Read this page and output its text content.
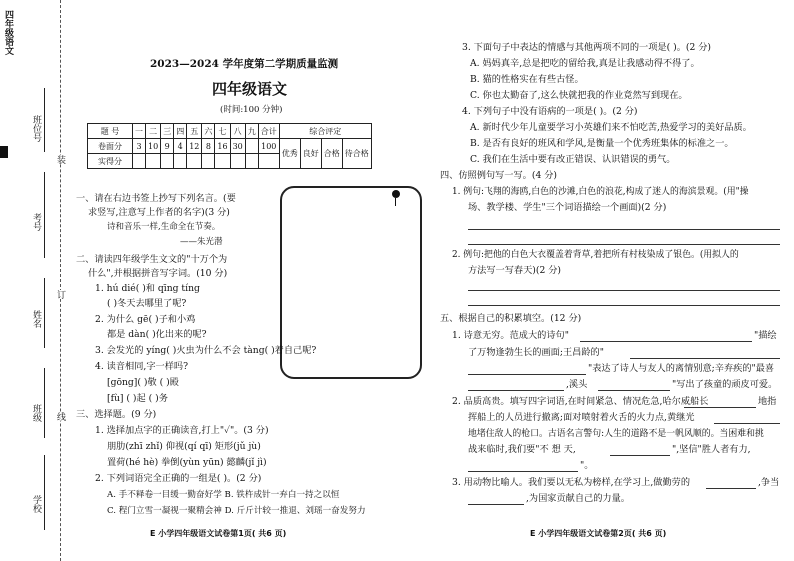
四年级语文
班位号
考号
姓名
班级
学校
装
订
线
2023—2024 学年度第二学期质量监测
四年级语文
(时间:100 分钟)
题 号	一	二	三	四	五	六	七	八	九	合计	综合评定			
卷面分	3	10	9	4	12	8	16	30		100	优秀	良好	合格	待合格
实得分														
一、请在右边书签上抄写下列名言。(要
求竖写,注意写上作者的名字)(3 分)
诗和音乐一样,生命全在节奏。
——朱光潜
二、请读四年级学生文文的"十万个为
什么",并根据拼音写字词。(10 分)
1. hú dié( )和 qīng tíng
( )冬天去哪里了呢?
2. 为什么 gē( )子和小鸡
都是 dàn( )化出来的呢?
3. 会发光的 yíng( )火虫为什么不会 tàng( )着自己呢?
4. 读音相同,字一样吗?
[gōng]( )敬 ( )殿
[fù] ( )起 ( )务
三、选择题。(9 分)
1. 选择加点字的正确读音,打上"✓"。(3 分)
朋肋(zhī zhǐ) 仰视(qí qī) 矩形(jǔ jù)
置荷(hé hè) 拳倒(yùn yūn) 懿麟(jǐ jì)
2. 下列词语完全正确的一组是( )。(2 分)
A. 手不释卷一目缓一勤奋好学 B. 铁杵成针一弃白一持之以恒
C. 程门立雪一凝视一聚精会神 D. 斤斤计较一推退、刘瑶一奋发努力
E 小学四年级语文试卷第1页( 共6 页)
3. 下面句子中表达的情感与其他两项不同的一项是( )。(2 分)
A. 妈妈真辛,总是把吃的留给我,真是让我感动得不得了。
B. 猫的性格实在有些古怪。
C. 你也太勤奋了,这么快就把我的作业竟然写到现在。
4. 下列句子中没有语病的一项是( )。(2 分)
A. 新时代少年儿童要学习小英雄们来不怕吃苦,热爱学习的美好品质。
B. 是否有良好的班风和学风,是衡量一个优秀班集体的标准之一。
C. 我们在生活中要有改正错误、认识错误的勇气。
四、仿照例句写一写。(4 分)
1. 例句:飞翔的海鸥,白色的沙滩,白色的浪花,构成了迷人的海滨景观。(用"操
场、教学楼、学生"三个词语描绘一个画面)(2 分)
2. 例句:把他的白色大衣覆盖着背草,着把所有村枝染成了银色。(用拟人的
方法写一写春天)(2 分)
五、根据自己的积累填空。(12 分)
1. 诗意无穷。范成大的诗句"	"描绘
了万物逢勃生长的画面;王昌龄的"
"表达了诗人与友人的离情别意;辛弃疾的"最喜
,溪头	"写出了孩童的顽皮可爱。
2. 品质高贵。填写四字词语,在时间紧急、情况危急,哈尔威船长	地指
挥船上的人员进行撤离;面对喷射着火舌的火力点,黄继光
地堵住敌人的枪口。古语名言警句:人生的道路不是一帆风顺的。当困难和挑
战来临时,我们要"不 想 天,	",坚信"胜人者有力,
"。
3. 用动物比喻人。我们要以无私为榜样,在学习上,做勤劳的	,争当
,为国家贡献自己的力量。
E 小学四年级语文试卷第2页( 共6 页)
